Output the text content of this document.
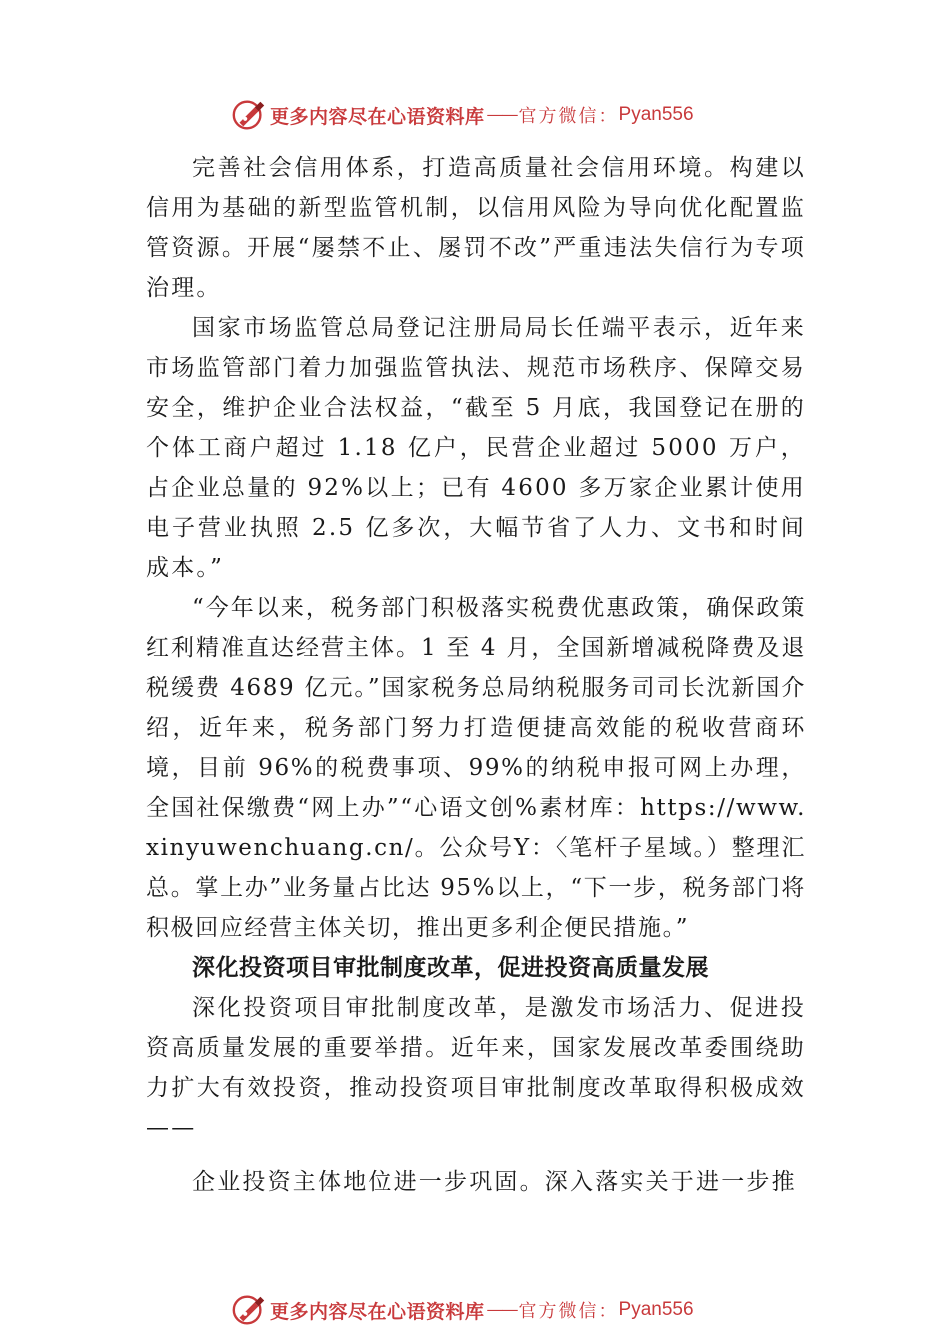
更多内容尽在心语资料库 —— 官方微信： Pyan556

完善社会信用体系，打造高质量社会信用环境。构建以信用为基础的新型监管机制，以信用风险为导向优化配置监管资源。开展“屡禁不止、屡罚不改”严重违法失信行为专项治理。

国家市场监管总局登记注册局局长任端平表示，近年来市场监管部门着力加强监管执法、规范市场秩序、保障交易安全，维护企业合法权益，“截至 5 月底，我国登记在册的个体工商户超过 1.18 亿户，民营企业超过 5000 万户，占企业总量的 92%以上；已有 4600 多万家企业累计使用电子营业执照 2.5 亿多次，大幅节省了人力、文书和时间成本。”

“今年以来，税务部门积极落实税费优惠政策，确保政策红利精准直达经营主体。1 至 4 月，全国新增减税降费及退税缓费 4689 亿元。”国家税务总局纳税服务司司长沈新国介绍，近年来，税务部门努力打造便捷高效能的税收营商环境，目前 96%的税费事项、99%的纳税申报可网上办理，全国社保缴费“网上办”“心语文创%素材库：https://www.xinyuwenchuang.cn/。公众号Y：〈笔杆子星域。）整理汇总。掌上办”业务量占比达 95%以上，“下一步，税务部门将积极回应经营主体关切，推出更多利企便民措施。”

深化投资项目审批制度改革，促进投资高质量发展

深化投资项目审批制度改革，是激发市场活力、促进投资高质量发展的重要举措。近年来，国家发展改革委围绕助力扩大有效投资，推动投资项目审批制度改革取得积极成效——

企业投资主体地位进一步巩固。深入落实关于进一步推

更多内容尽在心语资料库 —— 官方微信： Pyan556
